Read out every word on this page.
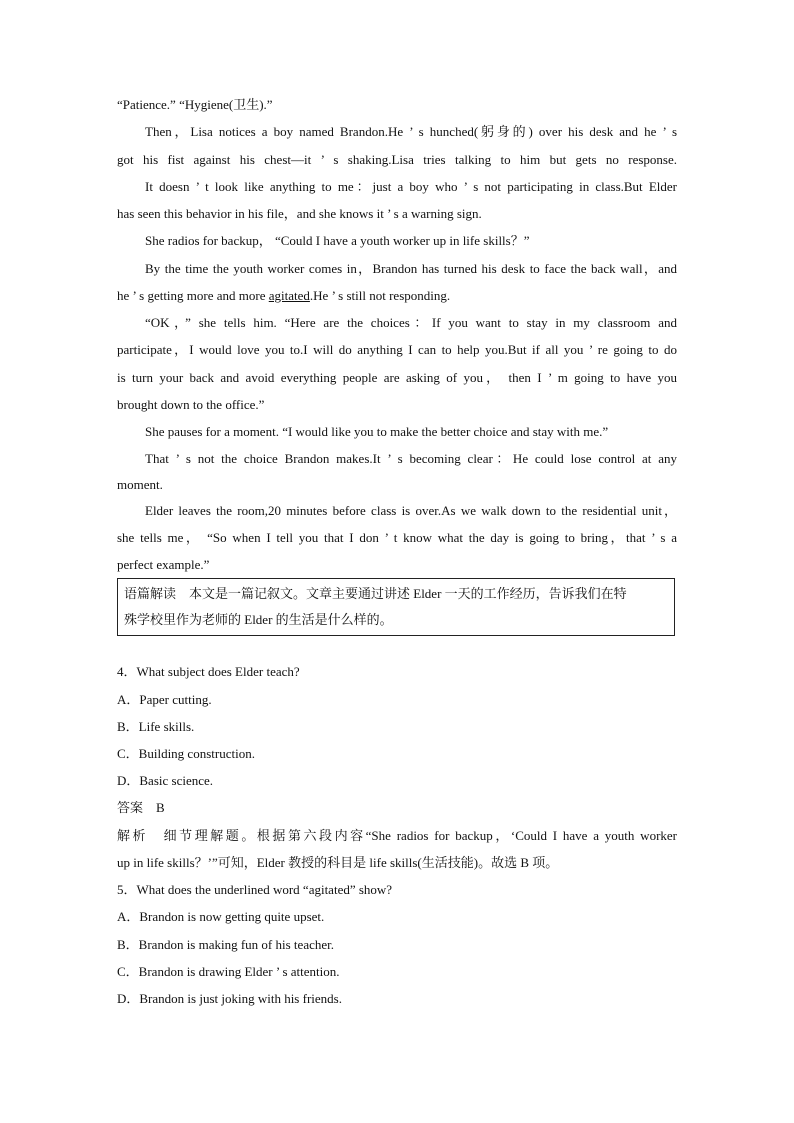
“Patience.” “Hygiene(卫生).”
Then，Lisa notices a boy named Brandon.He ’ s hunched(躬身的) over his desk and he ’ s
got his fist against his chest—it ’ s shaking.Lisa tries talking to him but gets no response.
It doesn ’ t look like anything to me：just a boy who ’ s not participating in class.But Elder
has seen this behavior in his file，and she knows it ’ s a warning sign.
She radios for backup， “Could I have a youth worker up in life skills？”
By the time the youth worker comes in，Brandon has turned his desk to face the back wall，and
he ’ s getting more and more agitated.He ’ s still not responding.
“OK，” she tells him. “Here are the choices：If you want to stay in my classroom and
participate，I would love you to.I will do anything I can to help you.But if all you ’ re going to do
is turn your back and avoid everything people are asking of you， then I ’ m going to have you
brought down to the office.”
She pauses for a moment. “I would like you to make the better choice and stay with me.”
That ’ s not the choice Brandon makes.It ’ s becoming clear：He could lose control at any
moment.
Elder leaves the room,20 minutes before class is over.As we walk down to the residential unit，
she tells me， “So when I tell you that I don ’ t know what the day is going to bring，that ’ s a
perfect example.”
语篇解读　本文是一篇记叙文。文章主要通过讲述 Elder 一天的工作经历，告诉我们在特
殊学校里作为老师的 Elder 的生活是什么样的。
4．What subject does Elder teach?
A．Paper cutting.
B．Life skills.
C．Building construction.
D．Basic science.
答案　B
解析　细节理解题。根据第六段内容“She radios for backup，‘Could I have a youth worker
up in life skills？’”可知，Elder 教授的科目是 life skills(生活技能)。故选 B 项。
5．What does the underlined word “agitated” show?
A．Brandon is now getting quite upset.
B．Brandon is making fun of his teacher.
C．Brandon is drawing Elder ’ s attention.
D．Brandon is just joking with his friends.
